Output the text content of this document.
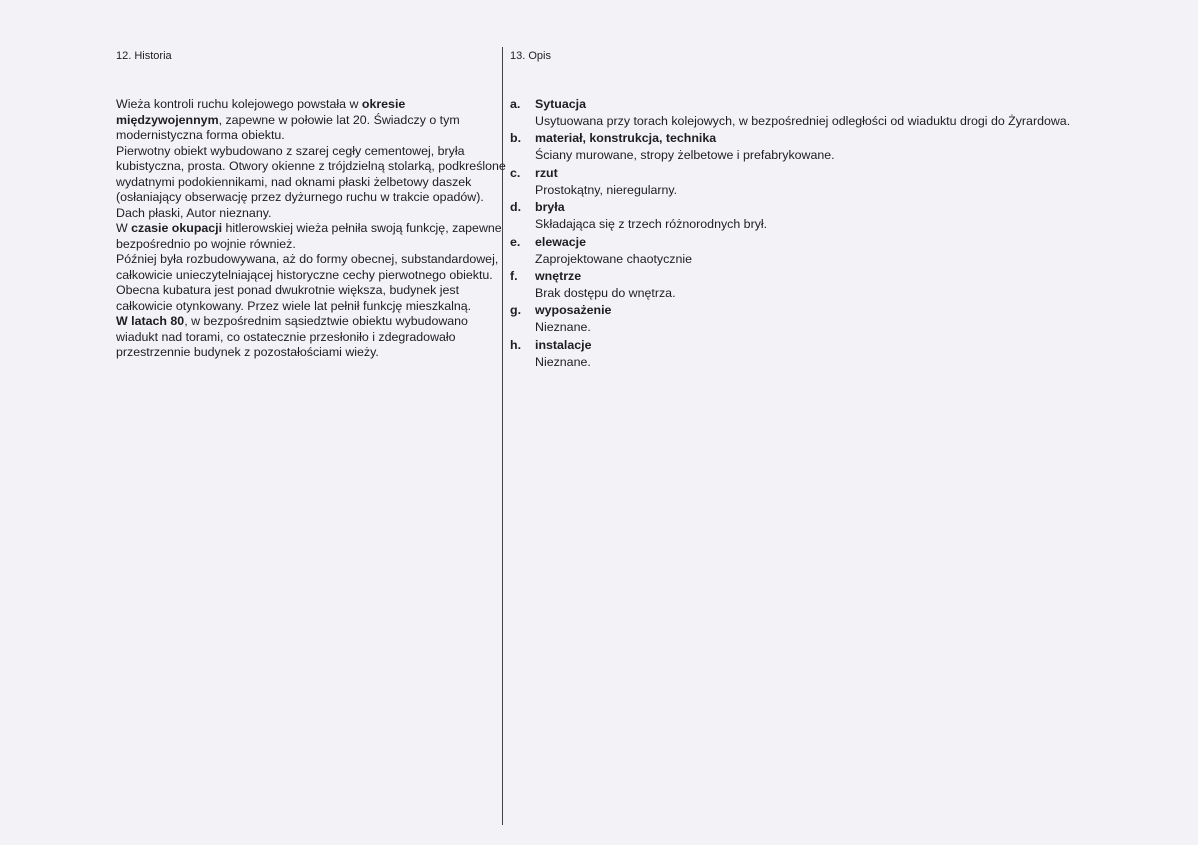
12. Historia	13. Opis

Wieża kontroli ruchu kolejowego powstała w okresie międzywojennym, zapewne w połowie lat 20. Świadczy o tym modernistyczna forma obiektu.

Pierwotny obiekt wybudowano z szarej cegły cementowej, bryła kubistyczna, prosta. Otwory okienne z trójdzielną stolarką, podkreślone wydatnymi podokiennikami, nad oknami płaski żelbetowy daszek (osłaniający obserwację przez dyżurnego ruchu w trakcie opadów). Dach płaski, Autor nieznany.

W czasie okupacji hitlerowskiej wieża pełniła swoją funkcję, zapewne bezpośrednio po wojnie również.

Później była rozbudowywana, aż do formy obecnej, substandardowej, całkowicie unieczytelniającej historyczne cechy pierwotnego obiektu. Obecna kubatura jest ponad dwukrotnie większa, budynek jest całkowicie otynkowany. Przez wiele lat pełnił funkcję mieszkalną.

W latach 80, w bezpośrednim sąsiedztwie obiektu wybudowano wiadukt nad torami, co ostatecznie przesłoniło i zdegradowało przestrzennie budynek z pozostałościami wieży.

a.	Sytuacja
Usytuowana przy torach kolejowych, w bezpośredniej odległości od wiaduktu drogi do Żyrardowa.
b.	materiał, konstrukcja, technika
Ściany murowane, stropy żelbetowe i prefabrykowane.
c.	rzut
Prostokątny, nieregularny.
d.	bryła
Składająca się z trzech różnorodnych brył.
e.	elewacje
Zaprojektowane chaotycznie
f.	wnętrze
Brak dostępu do wnętrza.
g.	wyposażenie
Nieznane.
h.	instalacje
Nieznane.
